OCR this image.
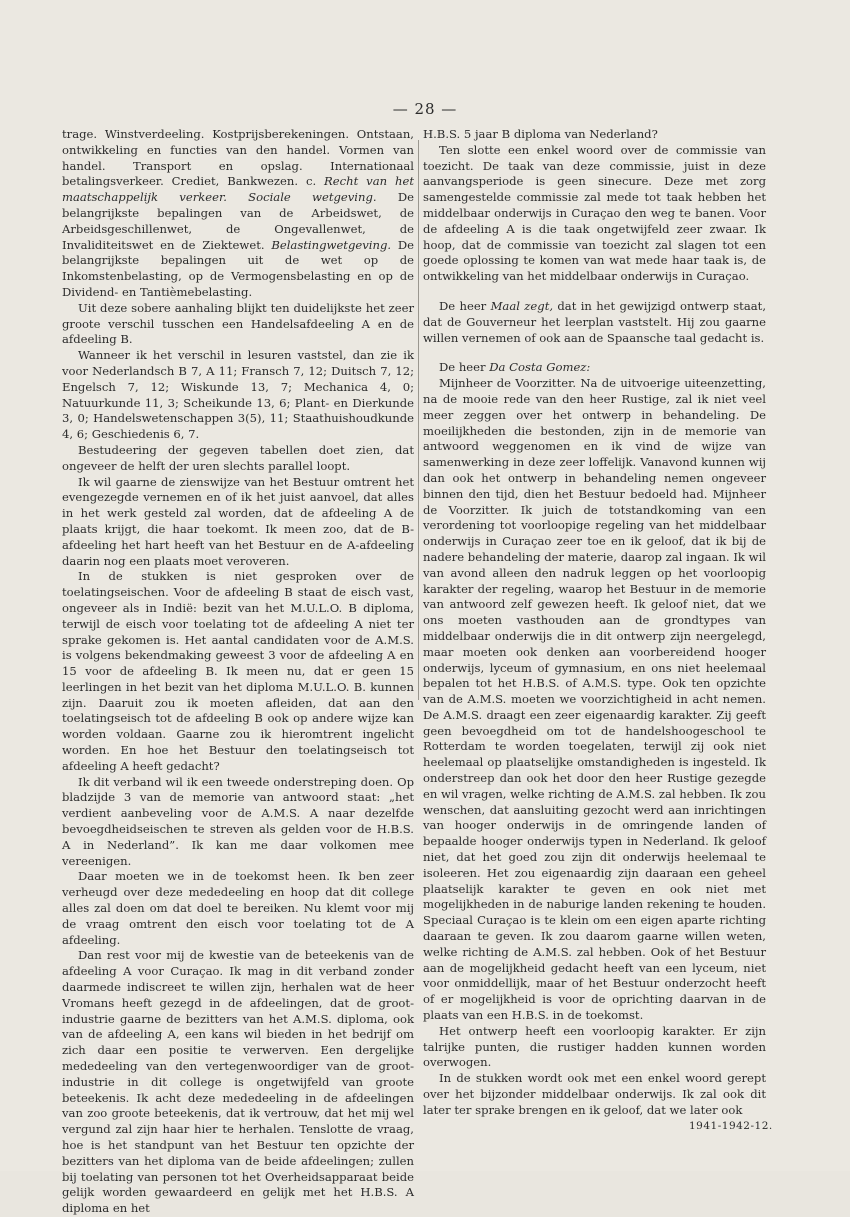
— 28 —

trage. Winstverdeeling. Kostprijsberekeningen. Ontstaan, ontwikkeling en functies van den handel. Vormen van handel. Transport en opslag. Internationaal betalingsverkeer. Crediet, Bankwezen. c. Recht van het maatschappelijk verkeer. Sociale wetgeving. De belangrijkste bepalingen van de Arbeidswet, de Arbeidsgeschillenwet, de Ongevallenwet, de Invaliditeitswet en de Ziektewet. Belastingwetgeving. De belangrijkste bepalingen uit de wet op de Inkomstenbelasting, op de Vermogensbelasting en op de Dividend- en Tantièmebelasting.

Uit deze sobere aanhaling blijkt ten duidelijkste het zeer groote verschil tusschen een Handelsafdeeling A en de afdeeling B.

Wanneer ik het verschil in lesuren vaststel, dan zie ik voor Nederlandsch B 7, A 11; Fransch 7, 12; Duitsch 7, 12; Engelsch 7, 12; Wiskunde 13, 7; Mechanica 4, 0; Natuurkunde 11, 3; Scheikunde 13, 6; Plant- en Dierkunde 3, 0; Handelswetenschappen 3(5), 11; Staathuishoudkunde 4, 6; Geschiedenis 6, 7.

Bestudeering der gegeven tabellen doet zien, dat ongeveer de helft der uren slechts parallel loopt.

Ik wil gaarne de zienswijze van het Bestuur omtrent het evengezegde vernemen en of ik het juist aanvoel, dat alles in het werk gesteld zal worden, dat de afdeeling A de plaats krijgt, die haar toekomt. Ik meen zoo, dat de B-afdeeling het hart heeft van het Bestuur en de A-afdeeling daarin nog een plaats moet veroveren.

In de stukken is niet gesproken over de toelatingseischen. Voor de afdeeling B staat de eisch vast, ongeveer als in Indië: bezit van het M.U.L.O. B diploma, terwijl de eisch voor toelating tot de afdeeling A niet ter sprake gekomen is. Het aantal candidaten voor de A.M.S. is volgens bekendmaking geweest 3 voor de afdeeling A en 15 voor de afdeeling B. Ik meen nu, dat er geen 15 leerlingen in het bezit van het diploma M.U.L.O. B. kunnen zijn. Daaruit zou ik moeten afleiden, dat aan den toelatingseisch tot de afdeeling B ook op andere wijze kan worden voldaan. Gaarne zou ik hieromtrent ingelicht worden. En hoe het Bestuur den toelatingseisch tot afdeeling A heeft gedacht?

Ik dit verband wil ik een tweede onderstreping doen. Op bladzijde 3 van de memorie van antwoord staat: „het verdient aanbeveling voor de A.M.S. A naar dezelfde bevoegdheidseischen te streven als gelden voor de H.B.S. A in Nederland”. Ik kan me daar volkomen mee vereenigen.

Daar moeten we in de toekomst heen. Ik ben zeer verheugd over deze mededeeling en hoop dat dit college alles zal doen om dat doel te bereiken. Nu klemt voor mij de vraag omtrent den eisch voor toelating tot de A afdeeling.

Dan rest voor mij de kwestie van de beteekenis van de afdeeling A voor Curaçao. Ik mag in dit verband zonder daarmede indiscreet te willen zijn, herhalen wat de heer Vromans heeft gezegd in de afdeelingen, dat de groot-industrie gaarne de bezitters van het A.M.S. diploma, ook van de afdeeling A, een kans wil bieden in het bedrijf om zich daar een positie te verwerven. Een dergelijke mededeeling van den vertegenwoordiger van de groot-industrie in dit college is ongetwijfeld van groote beteekenis. Ik acht deze mededeeling in de afdeelingen van zoo groote beteekenis, dat ik vertrouw, dat het mij wel vergund zal zijn haar hier te herhalen. Tenslotte de vraag, hoe is het standpunt van het Bestuur ten opzichte der bezitters van het diploma van de beide afdeelingen; zullen bij toelating van personen tot het Overheidsapparaat beide gelijk worden gewaardeerd en gelijk met het H.B.S. A diploma en het

H.B.S. 5 jaar B diploma van Nederland?

Ten slotte een enkel woord over de commissie van toezicht. De taak van deze commissie, juist in deze aanvangsperiode is geen sinecure. Deze met zorg samengestelde commissie zal mede tot taak hebben het middelbaar onderwijs in Curaçao den weg te banen. Voor de afdeeling A is die taak ongetwijfeld zeer zwaar. Ik hoop, dat de commissie van toezicht zal slagen tot een goede oplossing te komen van wat mede haar taak is, de ontwikkeling van het middelbaar onderwijs in Curaçao.

De heer Maal zegt, dat in het gewijzigd ontwerp staat, dat de Gouverneur het leerplan vaststelt. Hij zou gaarne willen vernemen of ook aan de Spaansche taal gedacht is.

De heer Da Costa Gomez:

Mijnheer de Voorzitter. Na de uitvoerige uiteenzetting, na de mooie rede van den heer Rustige, zal ik niet veel meer zeggen over het ontwerp in behandeling. De moeilijkheden die bestonden, zijn in de memorie van antwoord weggenomen en ik vind de wijze van samenwerking in deze zeer loffelijk. Vanavond kunnen wij dan ook het ontwerp in behandeling nemen ongeveer binnen den tijd, dien het Bestuur bedoeld had. Mijnheer de Voorzitter. Ik juich de totstandkoming van een verordening tot voorloopige regeling van het middelbaar onderwijs in Curaçao zeer toe en ik geloof, dat ik bij de nadere behandeling der materie, daarop zal ingaan. Ik wil van avond alleen den nadruk leggen op het voorloopig karakter der regeling, waarop het Bestuur in de memorie van antwoord zelf gewezen heeft. Ik geloof niet, dat we ons moeten vasthouden aan de grondtypes van middelbaar onderwijs die in dit ontwerp zijn neergelegd, maar moeten ook denken aan voorbereidend hooger onderwijs, lyceum of gymnasium, en ons niet heelemaal bepalen tot het H.B.S. of A.M.S. type. Ook ten opzichte van de A.M.S. moeten we voorzichtigheid in acht nemen. De A.M.S. draagt een zeer eigenaardig karakter. Zij geeft geen bevoegdheid om tot de handelshoogeschool te Rotterdam te worden toegelaten, terwijl zij ook niet heelemaal op plaatselijke omstandigheden is ingesteld. Ik onderstreep dan ook het door den heer Rustige gezegde en wil vragen, welke richting de A.M.S. zal hebben. Ik zou wenschen, dat aansluiting gezocht werd aan inrichtingen van hooger onderwijs in de omringende landen of bepaalde hooger onderwijs typen in Nederland. Ik geloof niet, dat het goed zou zijn dit onderwijs heelemaal te isoleeren. Het zou eigenaardig zijn daaraan een geheel plaatselijk karakter te geven en ook niet met mogelijkheden in de naburige landen rekening te houden. Speciaal Curaçao is te klein om een eigen aparte richting daaraan te geven. Ik zou daarom gaarne willen weten, welke richting de A.M.S. zal hebben. Ook of het Bestuur aan de mogelijkheid gedacht heeft van een lyceum, niet voor onmiddellijk, maar of het Bestuur onderzocht heeft of er mogelijkheid is voor de oprichting daarvan in de plaats van een H.B.S. in de toekomst.

Het ontwerp heeft een voorloopig karakter. Er zijn talrijke punten, die rustiger hadden kunnen worden overwogen.

In de stukken wordt ook met een enkel woord gerept over het bijzonder middelbaar onderwijs. Ik zal ook dit later ter sprake brengen en ik geloof, dat we later ook

1941-1942-12.
